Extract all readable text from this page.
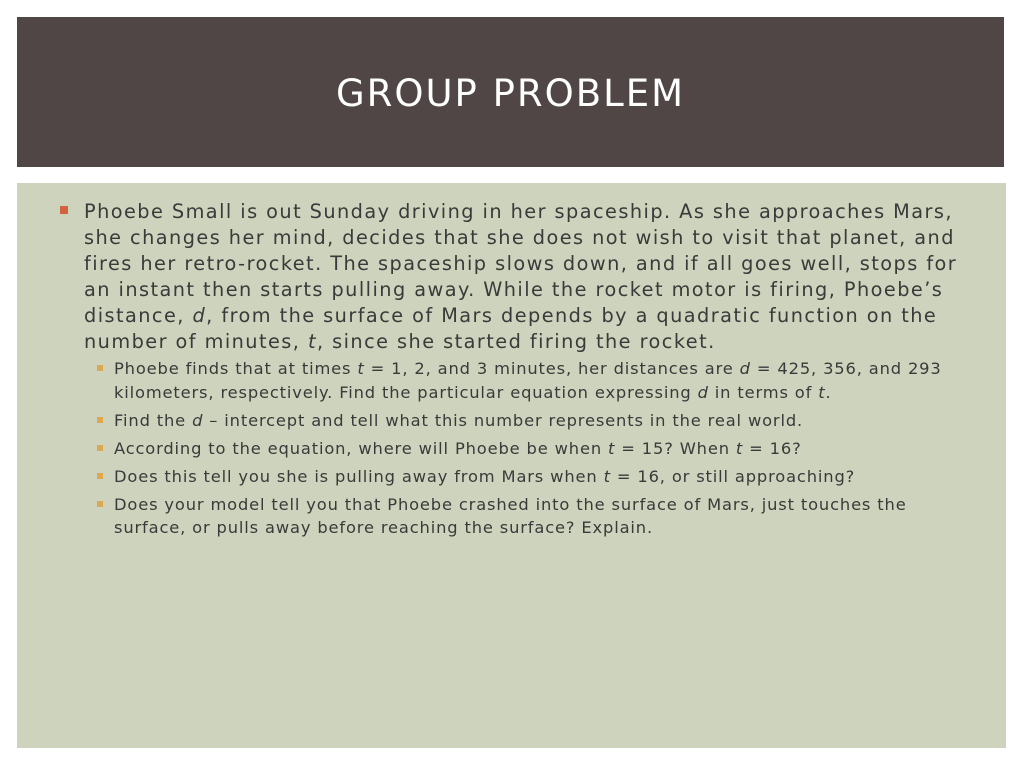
GROUP PROBLEM
Phoebe Small is out Sunday driving in her spaceship. As she approaches Mars, she changes her mind, decides that she does not wish to visit that planet, and fires her retro-rocket. The spaceship slows down, and if all goes well, stops for an instant then starts pulling away. While the rocket motor is firing, Phoebe’s distance, d, from the surface of Mars depends by a quadratic function on the number of minutes, t, since she started firing the rocket.
Phoebe finds that at times t = 1, 2, and 3 minutes, her distances are d = 425, 356, and 293 kilometers, respectively. Find the particular equation expressing d in terms of t.
Find the d – intercept and tell what this number represents in the real world.
According to the equation, where will Phoebe be when t = 15? When t = 16?
Does this tell you she is pulling away from Mars when t = 16, or still approaching?
Does your model tell you that Phoebe crashed into the surface of Mars, just touches the surface, or pulls away before reaching the surface? Explain.
